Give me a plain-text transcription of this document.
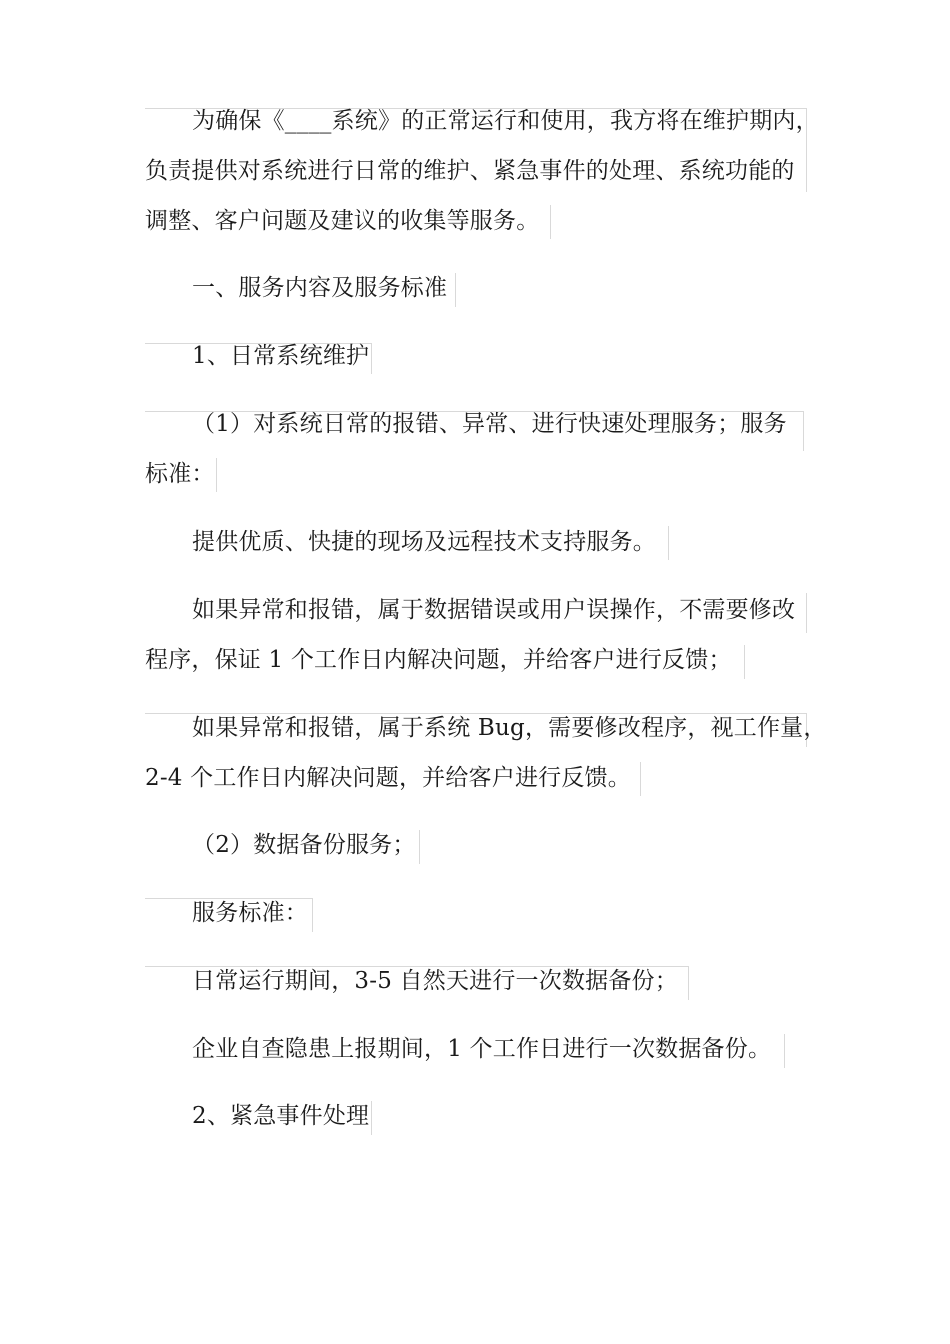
为确保《____系统》的正常运行和使用，我方将在维护期内，
负责提供对系统进行日常的维护、紧急事件的处理、系统功能的
调整、客户问题及建议的收集等服务。
一、服务内容及服务标准
1、日常系统维护
（1）对系统日常的报错、异常、进行快速处理服务；服务
标准：
提供优质、快捷的现场及远程技术支持服务。
如果异常和报错，属于数据错误或用户误操作，不需要修改
程序，保证 1 个工作日内解决问题，并给客户进行反馈；
如果异常和报错，属于系统 Bug，需要修改程序，视工作量，
2-4 个工作日内解决问题，并给客户进行反馈。
（2）数据备份服务；
服务标准：
日常运行期间，3-5 自然天进行一次数据备份；
企业自查隐患上报期间，1 个工作日进行一次数据备份。
2、紧急事件处理
